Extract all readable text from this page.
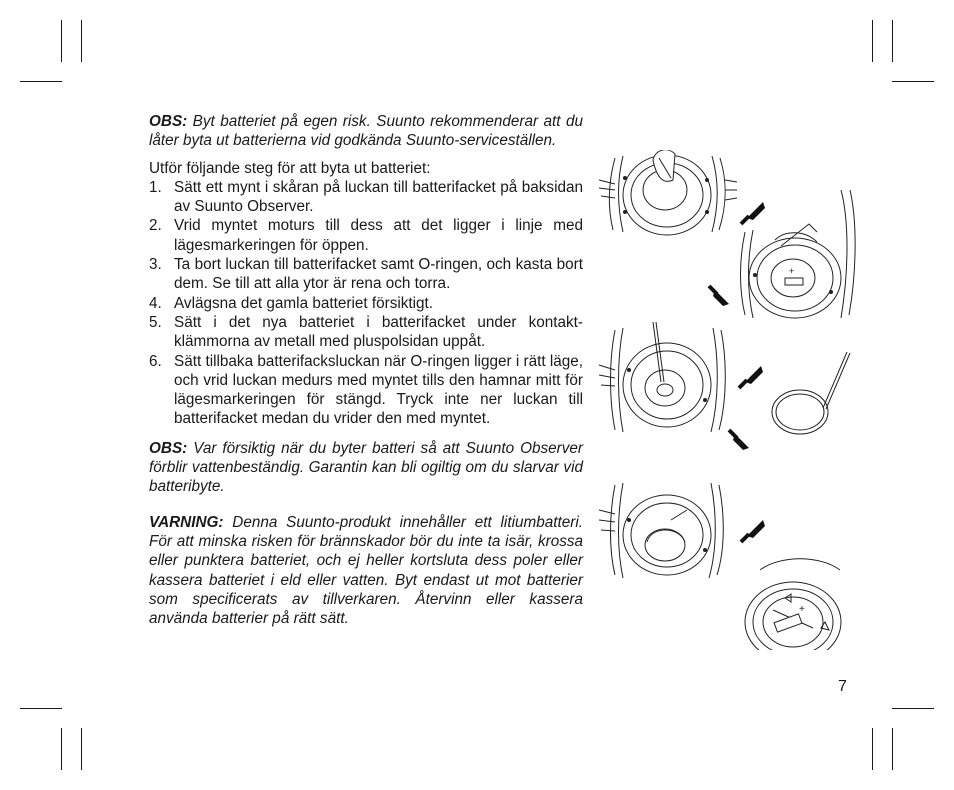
OBS: Byt batteriet på egen risk. Suunto rekommenderar att du låter byta ut batterierna vid godkända Suunto-serviceställen.

Utför följande steg för att byta ut batteriet:

1. Sätt ett mynt i skåran på luckan till batterifacket på baksidan av Suunto Observer.
2. Vrid myntet moturs till dess att det ligger i linje med lägesmarkeringen för öppen.
3. Ta bort luckan till batterifacket samt O-ringen, och kasta bort dem. Se till att alla ytor är rena och torra.
4. Avlägsna det gamla batteriet försiktigt.
5. Sätt i det nya batteriet i batterifacket under kontakt-klämmorna av metall med pluspolsidan uppåt.
6. Sätt tillbaka batterifacksluckan när O-ringen ligger i rätt läge, och vrid luckan medurs med myntet tills den hamnar mitt för lägesmarkeringen för stängd. Tryck inte ner luckan till batterifacket medan du vrider den med myntet.

OBS: Var försiktig när du byter batteri så att Suunto Observer förblir vattenbeständig. Garantin kan bli ogiltig om du slarvar vid batteribyte.

VARNING: Denna Suunto-produkt innehåller ett litiumbatteri. För att minska risken för brännskador bör du inte ta isär, krossa eller punktera batteriet, och ej heller kortsluta dess poler eller kassera batteriet i eld eller vatten. Byt endast ut mot batterier som specificerats av tillverkaren. Återvinn eller kassera använda batterier på rätt sätt.

7
+
+
